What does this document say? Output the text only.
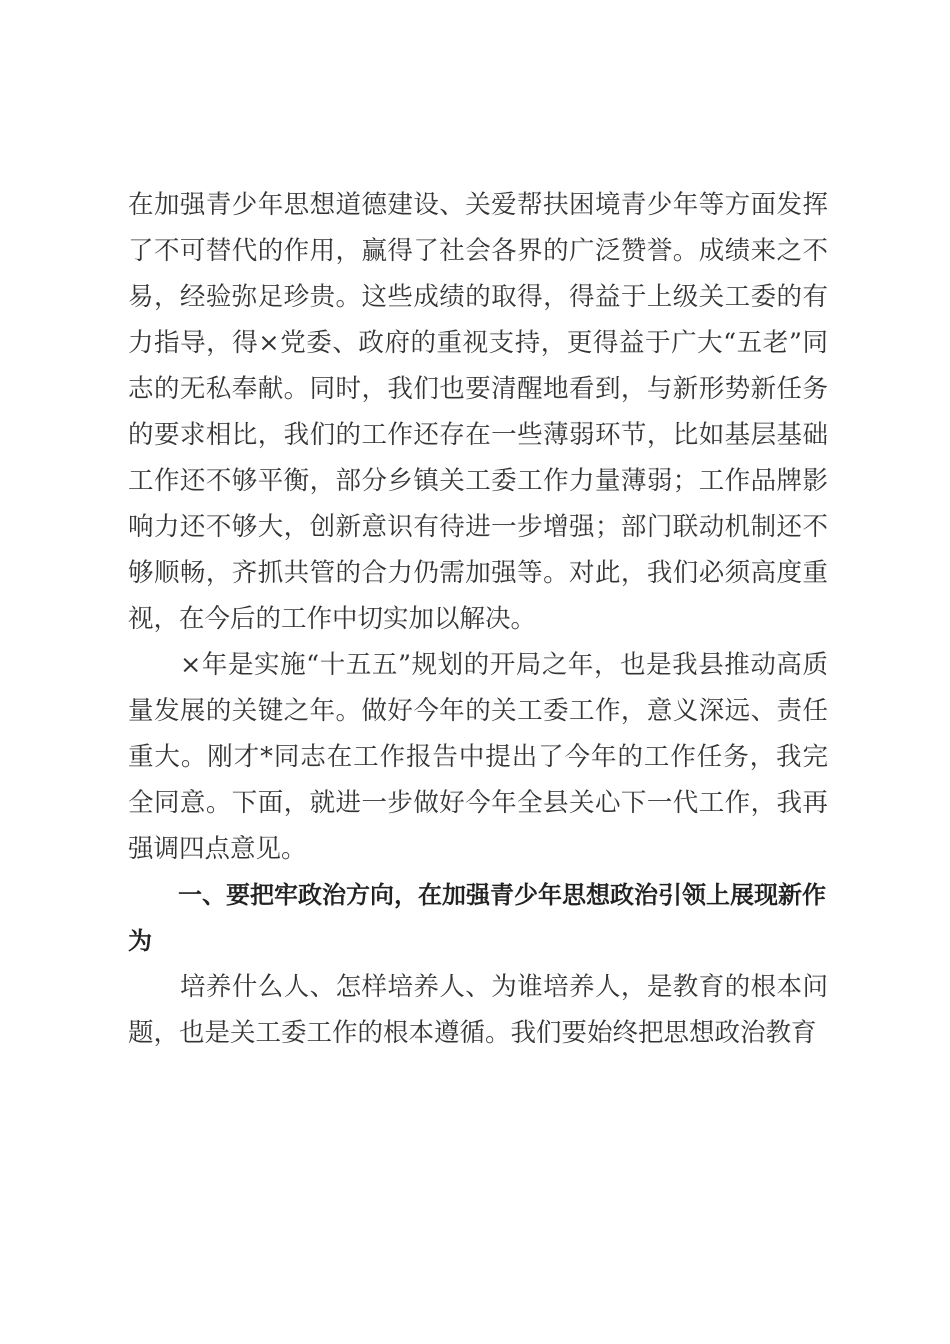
在加强青少年思想道德建设、关爱帮扶困境青少年等方面发挥了不可替代的作用，赢得了社会各界的广泛赞誉。成绩来之不易，经验弥足珍贵。这些成绩的取得，得益于上级关工委的有力指导，得×党委、政府的重视支持，更得益于广大“五老”同志的无私奉献。同时，我们也要清醒地看到，与新形势新任务的要求相比，我们的工作还存在一些薄弱环节，比如基层基础工作还不够平衡，部分乡镇关工委工作力量薄弱；工作品牌影响力还不够大，创新意识有待进一步增强；部门联动机制还不够顺畅，齐抓共管的合力仍需加强等。对此，我们必须高度重视，在今后的工作中切实加以解决。

×年是实施“十五五”规划的开局之年，也是我县推动高质量发展的关键之年。做好今年的关工委工作，意义深远、责任重大。刚才*同志在工作报告中提出了今年的工作任务，我完全同意。下面，就进一步做好今年全县关心下一代工作，我再强调四点意见。

一、要把牢政治方向，在加强青少年思想政治引领上展现新作为

培养什么人、怎样培养人、为谁培养人，是教育的根本问题，也是关工委工作的根本遵循。我们要始终把思想政治教育
